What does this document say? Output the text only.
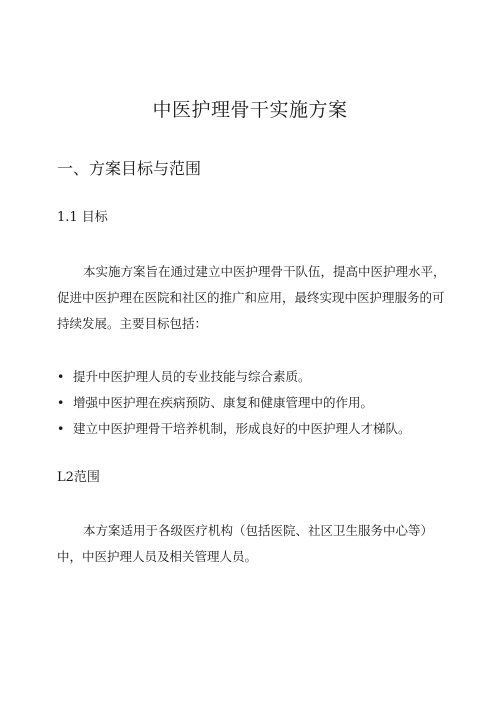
中医护理骨干实施方案
一、方案目标与范围
1.1 目标
本实施方案旨在通过建立中医护理骨干队伍，提高中医护理水平，
促进中医护理在医院和社区的推广和应用，最终实现中医护理服务的可
持续发展。主要目标包括：
• 提升中医护理人员的专业技能与综合素质。
• 增强中医护理在疾病预防、康复和健康管理中的作用。
• 建立中医护理骨干培养机制，形成良好的中医护理人才梯队。
L2范围
本方案适用于各级医疗机构（包括医院、社区卫生服务中心等）
中，中医护理人员及相关管理人员。
